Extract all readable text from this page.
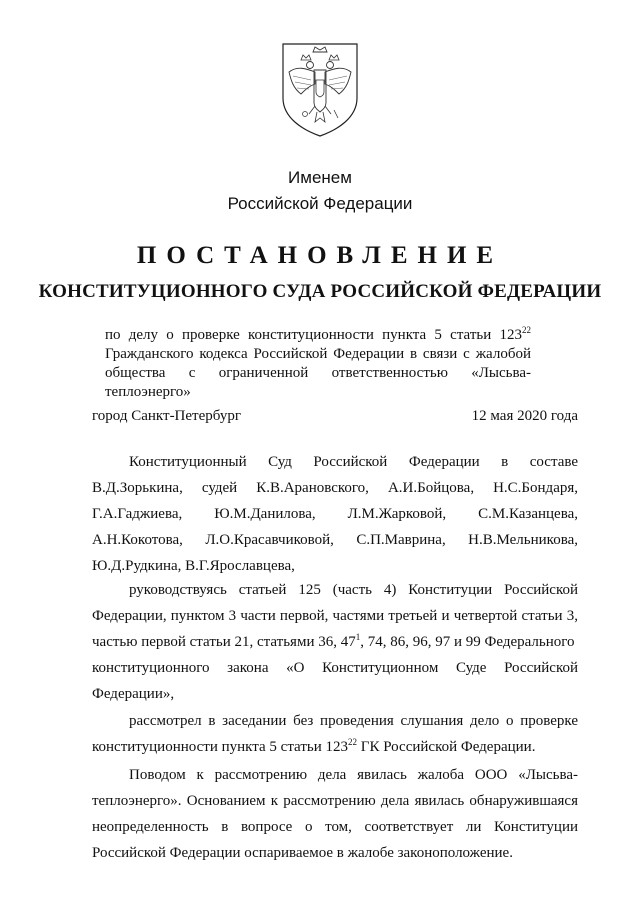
Именем
Российской Федерации
ПОСТАНОВЛЕНИЕ
КОНСТИТУЦИОННОГО СУДА РОССИЙСКОЙ ФЕДЕРАЦИИ
по делу о проверке конституционности пункта 5 статьи $123^{22}$
Гражданского кодекса Российской Федерации в связи с жалобой
общества с ограниченной ответственностью «Лысьва-теплоэнерго»
город Санкт-Петербург	12 мая 2020 года
Конституционный Суд Российской Федерации в составе
В.Д.Зорькина, судей К.В.Арановского, А.И.Бойцова, Н.С.Бондаря,
Г.А.Гаджиева, Ю.М.Данилова, Л.М.Жарковой, С.М.Казанцева,
А.Н.Кокотова, Л.О.Красавчиковой, С.П.Маврина, Н.В.Мельникова,
Ю.Д.Рудкина, В.Г.Ярославцева,
руководствуясь статьей 125 (часть 4) Конституции Российской
Федерации, пунктом 3 части первой, частями третьей и четвертой статьи 3,
частью первой статьи 21, статьями 36, $47^1$, 74, 86, 96, 97 и 99 Федерального
конституционного закона «О Конституционном Суде Российской
Федерации»,
рассмотрел в заседании без проведения слушания дело о проверке
конституционности пункта 5 статьи $123^{22}$ ГК Российской Федерации.
Поводом к рассмотрению дела явилась жалоба ООО «Лысьва-
теплоэнерго». Основанием к рассмотрению дела явилась обнаружившаяся
неопределенность в вопросе о том, соответствует ли Конституции
Российской Федерации оспариваемое в жалобе законоположение.
